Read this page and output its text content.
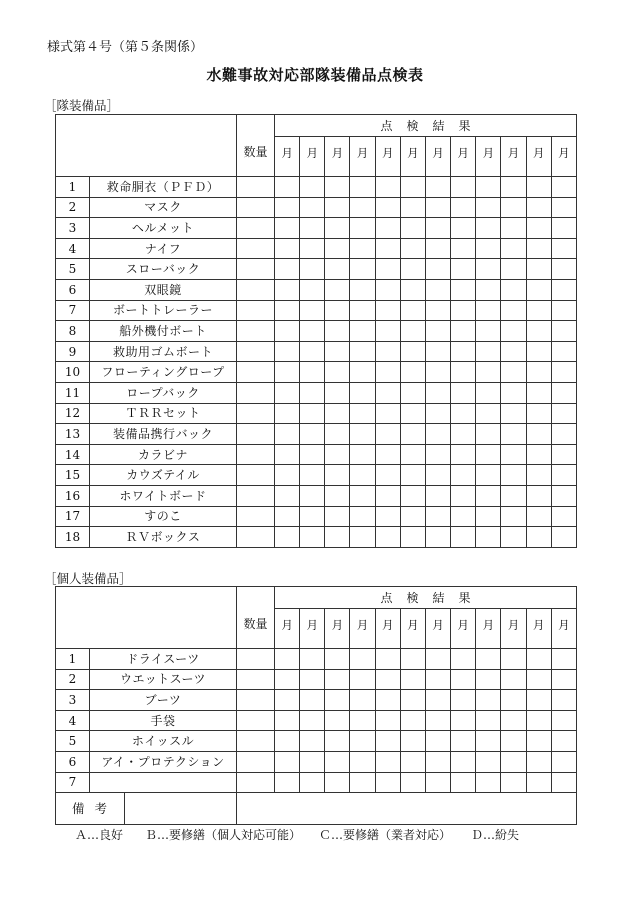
様式第４号（第５条関係）
水難事故対応部隊装備品点検表
［隊装備品］
		数量	点検結果											
			月	月	月	月	月	月	月	月	月	月	月	月
1	救命胴衣（ＰＦＤ）													
2	マスク													
3	ヘルメット													
4	ナイフ													
5	スローバック													
6	双眼鏡													
7	ボートトレーラー													
8	船外機付ボート													
9	救助用ゴムボート													
10	フローティングロープ													
11	ロープバック													
12	ＴＲＲセット													
13	装備品携行バック													
14	カラビナ													
15	カウズテイル													
16	ホワイトボード													
17	すのこ													
18	ＲＶボックス													
［個人装備品］
		数量	点検結果											
			月	月	月	月	月	月	月	月	月	月	月	月
1	ドライスーツ													
2	ウエットスーツ													
3	ブーツ													
4	手袋													
5	ホイッスル													
6	アイ・プロテクション													
7														
備考														
Ａ…良好 Ｂ…要修繕（個人対応可能） Ｃ…要修繕（業者対応） Ｄ…紛失
